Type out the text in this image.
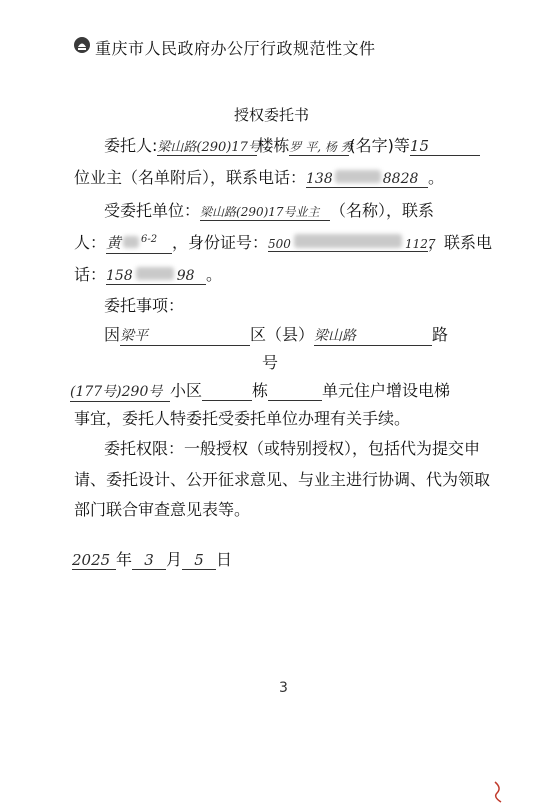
重庆市人民政府办公厅行政规范性文件
授权委托书
委托人:梁山路(290)17号楼栋罗 平, 杨 秀(名字)等15
位业主（名单附后），联系电话：138	8828 。
受委托单位：梁山路(290)17号业主 （名称），联系
人：黄 $^{6-2}$ ，身份证号：500	1127，联系电
话：158	98 。
委托事项：
因梁平	区（县）梁山路	路
号
(177号)290号 小区	栋	单元住户增设电梯
事宜，委托人特委托受委托单位办理有关手续。
委托权限：一般授权（或特别授权），包括代为提交申
请、委托设计、公开征求意见、与业主进行协调、代为领取
部门联合审查意见表等。
2025 年 3 月 5 日
3
